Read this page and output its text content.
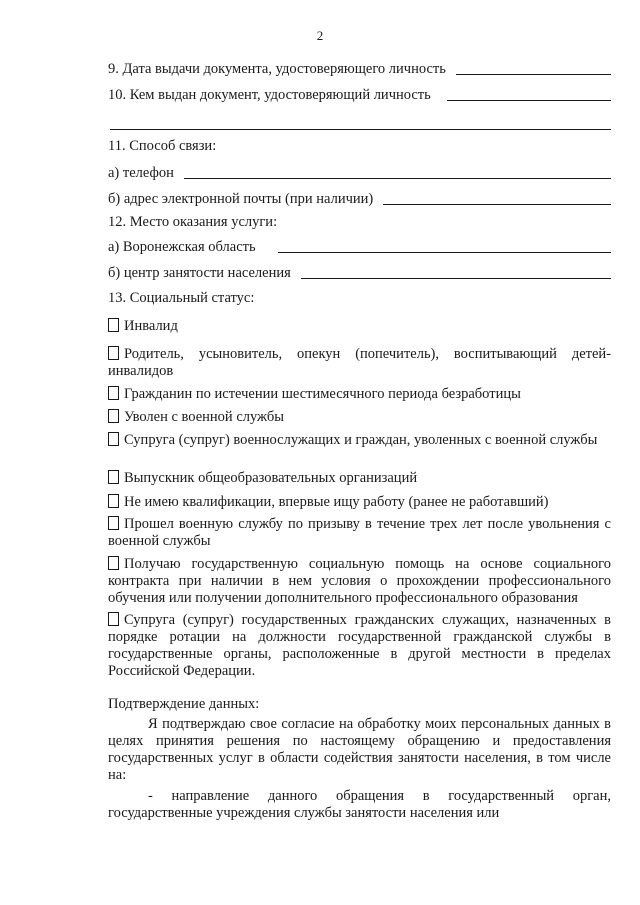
2
9. Дата выдачи документа, удостоверяющего личность
10. Кем выдан документ, удостоверяющий личность
11. Способ связи:
а) телефон
б) адрес электронной почты (при наличии)
12. Место оказания услуги:
а) Воронежская область
б) центр занятости населения
13. Социальный статус:
Инвалид
Родитель, усыновитель, опекун (попечитель), воспитывающий детей-инвалидов
Гражданин по истечении шестимесячного периода безработицы
Уволен с военной службы
Супруга (супруг) военнослужащих и граждан, уволенных с военной службы
Выпускник общеобразовательных организаций
Не имею квалификации, впервые ищу работу (ранее не работавший)
Прошел военную службу по призыву в течение трех лет после увольнения с военной службы
Получаю государственную социальную помощь на основе социального контракта при наличии в нем условия о прохождении профессионального обучения или получении дополнительного профессионального образования
Супруга (супруг) государственных гражданских служащих, назначенных в порядке ротации на должности государственной гражданской службы в государственные органы, расположенные в другой местности в пределах Российской Федерации.
Подтверждение данных:
Я подтверждаю свое согласие на обработку моих персональных данных в целях принятия решения по настоящему обращению и предоставления государственных услуг в области содействия занятости населения, в том числе на:
- направление данного обращения в государственный орган, государственные учреждения службы занятости населения или
